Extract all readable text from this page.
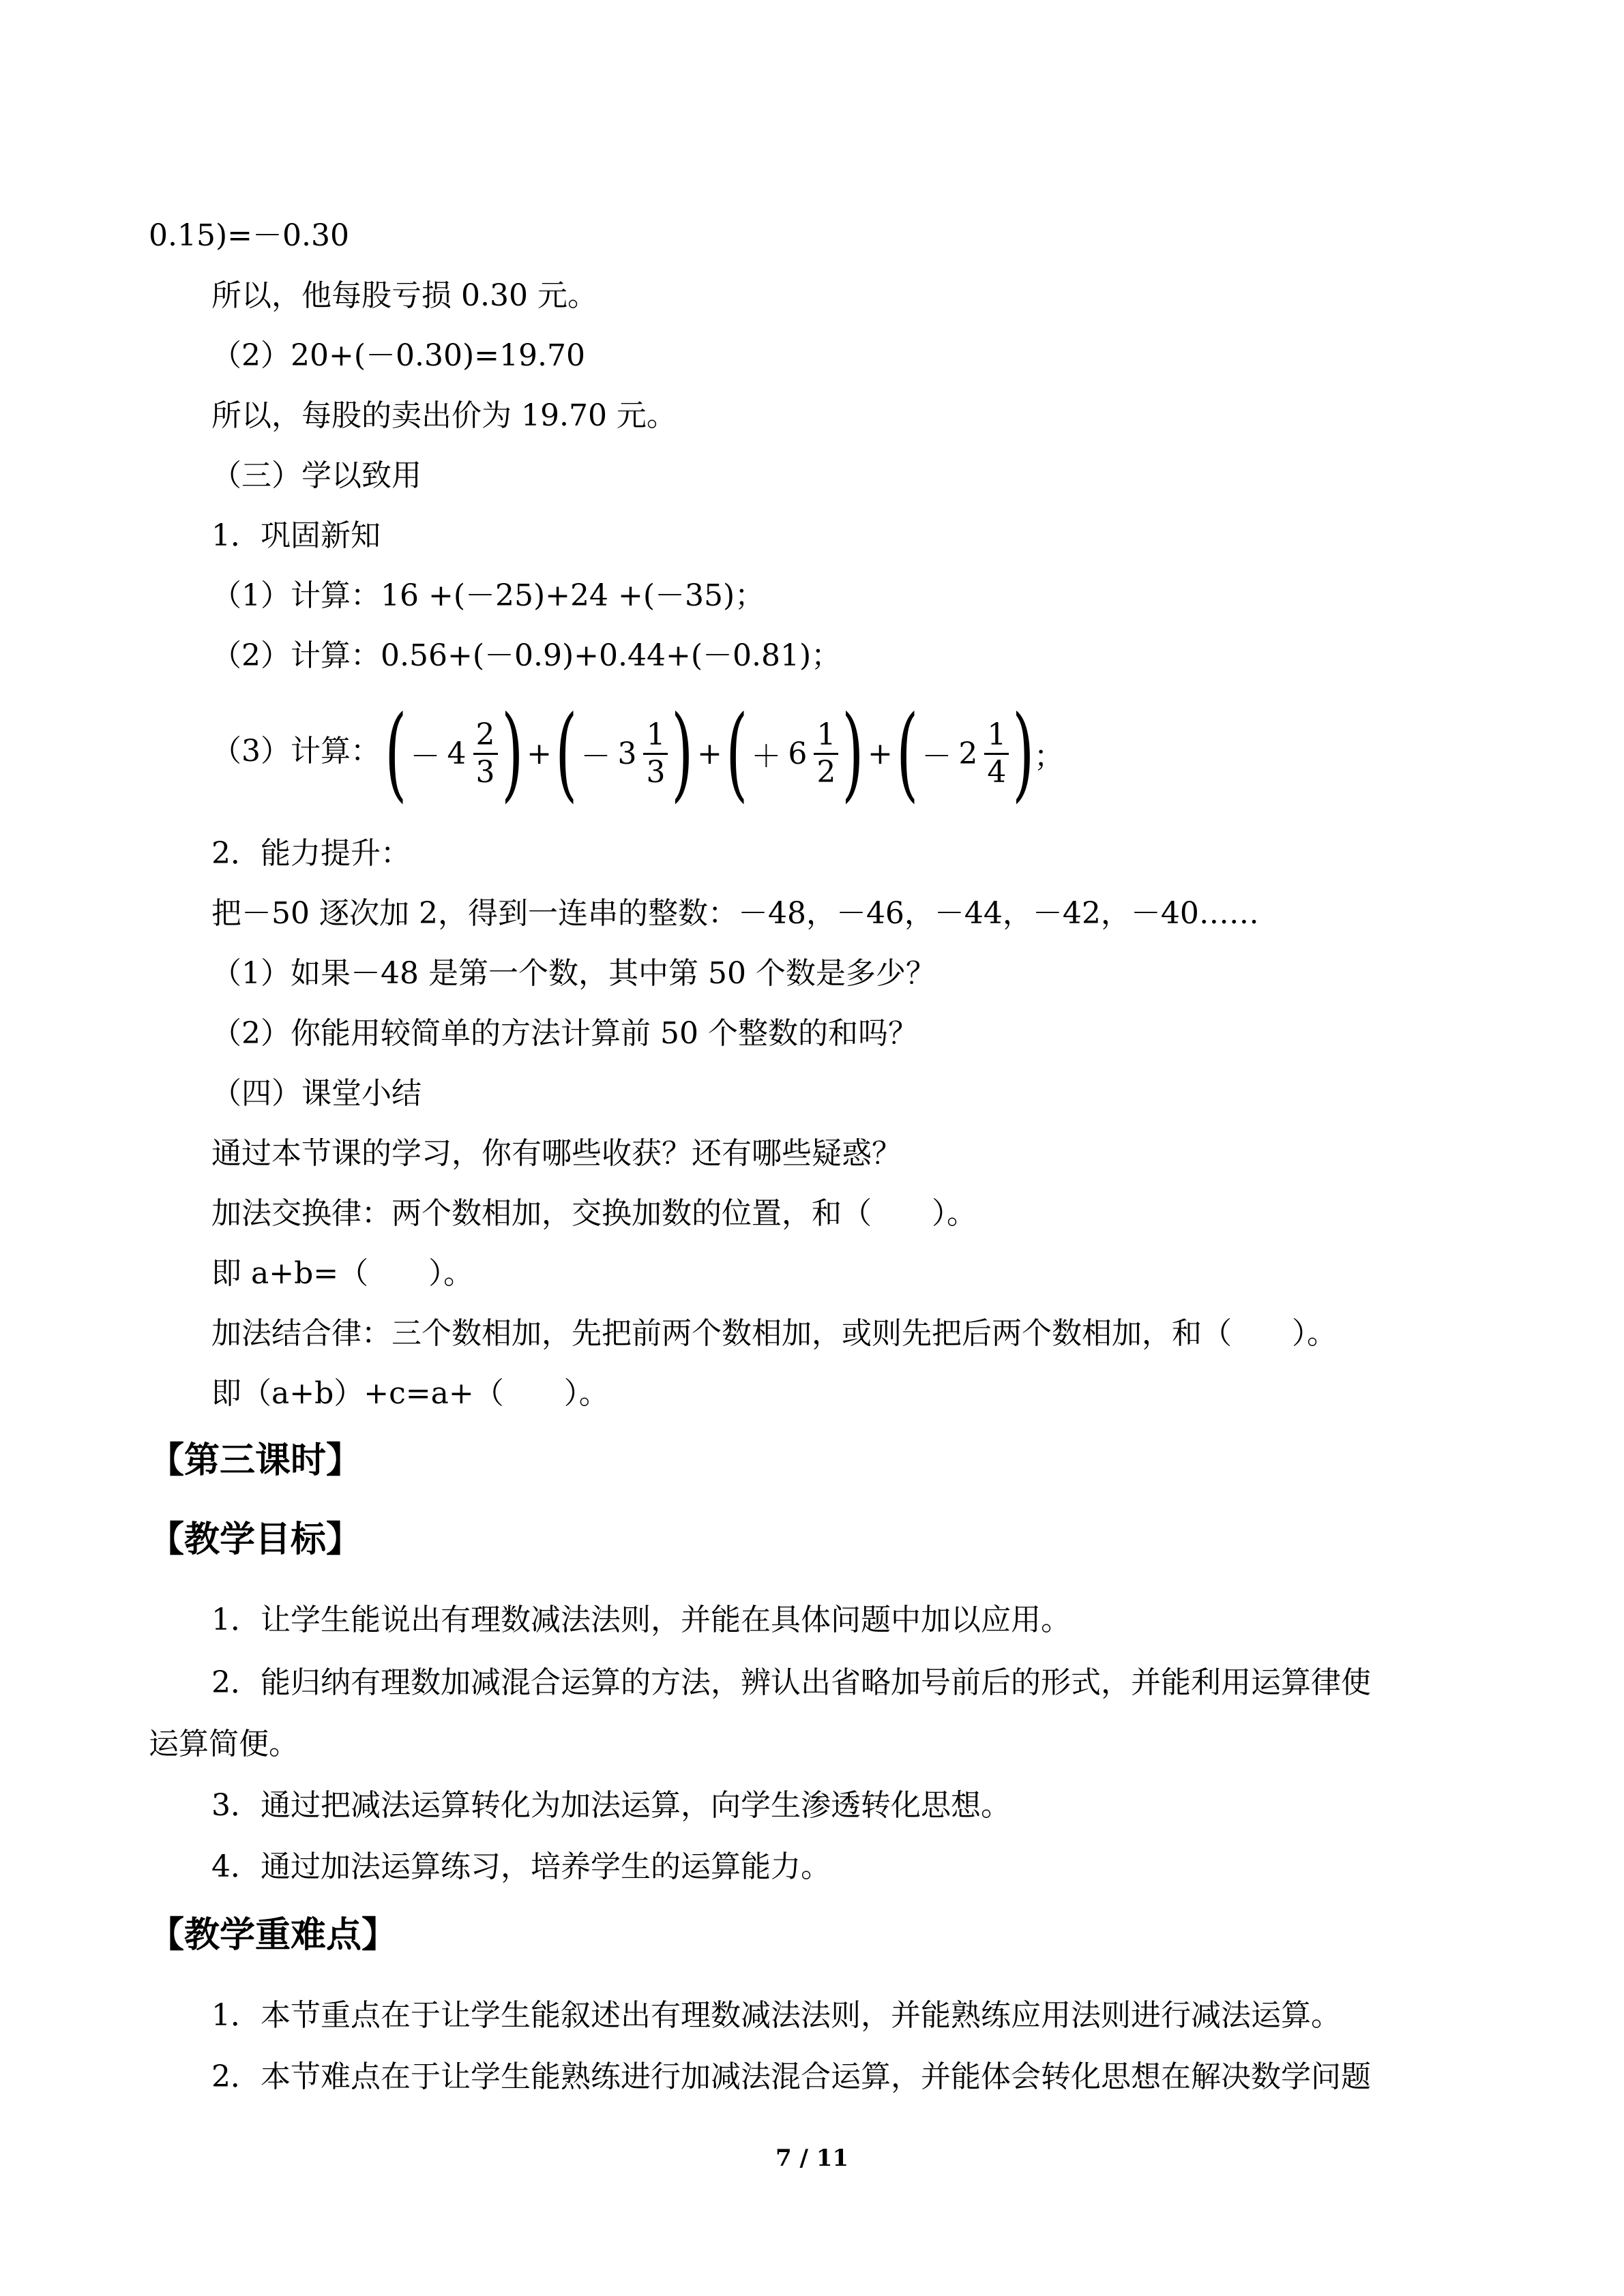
0.15)=－0.30
所以，他每股亏损 0.30 元。
（2）20+(－0.30)=19.70
所以，每股的卖出价为 19.70 元。
（三）学以致用
1．巩固新知
（1）计算：16 +(－25)+24 +(－35)；
（2）计算：0.56+(－0.9)+0.44+(－0.81)；
（3）计算： ( － $4 \frac{2}{3}$ ) + ( － $3 \frac{1}{3}$ ) + ( ＋ $6 \frac{1}{2}$ ) + ( － $2 \frac{1}{4}$ ) ；
2．能力提升：
把－50 逐次加 2，得到一连串的整数：－48，－46，－44，－42，－40……
（1）如果－48 是第一个数，其中第 50 个数是多少？
（2）你能用较简单的方法计算前 50 个整数的和吗？
（四）课堂小结
通过本节课的学习，你有哪些收获？还有哪些疑惑？
加法交换律：两个数相加，交换加数的位置，和（　　）。
即 a+b=（　　）。
加法结合律：三个数相加，先把前两个数相加，或则先把后两个数相加，和（　　）。
即（a+b）+c=a+（　　）。
【第三课时】
【教学目标】
1．让学生能说出有理数减法法则，并能在具体问题中加以应用。
2．能归纳有理数加减混合运算的方法，辨认出省略加号前后的形式，并能利用运算律使
运算简便。
3．通过把减法运算转化为加法运算，向学生渗透转化思想。
4．通过加法运算练习，培养学生的运算能力。
【教学重难点】
1．本节重点在于让学生能叙述出有理数减法法则，并能熟练应用法则进行减法运算。
2．本节难点在于让学生能熟练进行加减法混合运算，并能体会转化思想在解决数学问题
7 / 11
